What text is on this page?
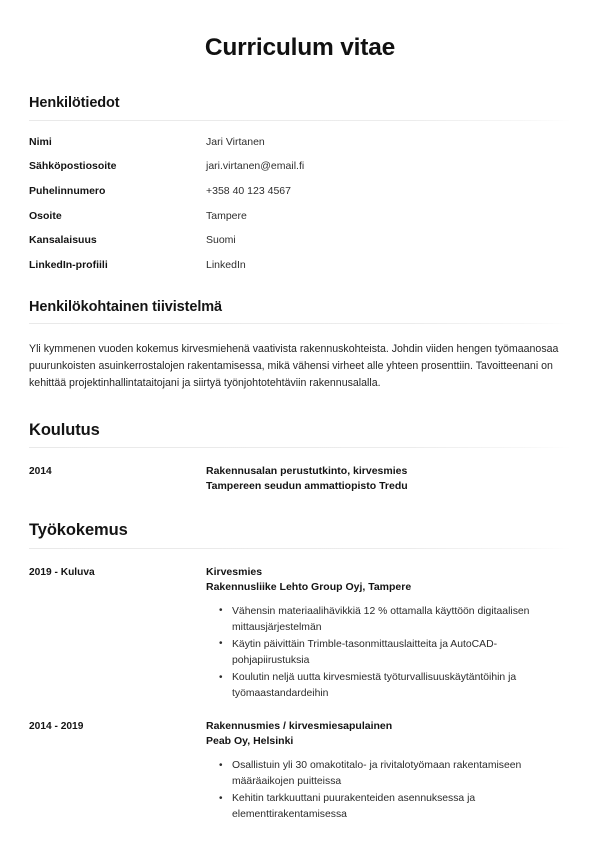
Curriculum vitae
Henkilötiedot
Nimi	Jari Virtanen
Sähköpostiosoite	jari.virtanen@email.fi
Puhelinnumero	+358 40 123 4567
Osoite	Tampere
Kansalaisuus	Suomi
LinkedIn-profiili	LinkedIn
Henkilökohtainen tiivistelmä

Yli kymmenen vuoden kokemus kirvesmiehenä vaativista rakennuskohteista. Johdin viiden hengen työmaanosaa puurunkoisten asuinkerrostalojen rakentamisessa, mikä vähensi virheet alle yhteen prosenttiin. Tavoitteenani on kehittää projektinhallintataitojani ja siirtyä työnjohtotehtäviin rakennusalalla.

Koulutus
2014	Rakennusalan perustutkinto, kirvesmies
Tampereen seudun ammattiopisto Tredu
Työkokemus
2019 - Kuluva	Kirvesmies
Rakennusliike Lehto Group Oyj, Tampere
• Vähensin materiaalihävikkiä 12 % ottamalla käyttöön digitaalisen mittausjärjestelmän
• Käytin päivittäin Trimble-tasonmittauslaitteita ja AutoCAD-pohjapiirustuksia
• Koulutin neljä uutta kirvesmiestä työturvallisuuskäytäntöihin ja työmaastandardeihin
2014 - 2019	Rakennusmies / kirvesmiesapulainen
Peab Oy, Helsinki
• Osallistuin yli 30 omakotitalo- ja rivitalotyömaan rakentamiseen määräaikojen puitteissa
• Kehitin tarkkuuttani puurakenteiden asennuksessa ja elementtirakentamisessa
